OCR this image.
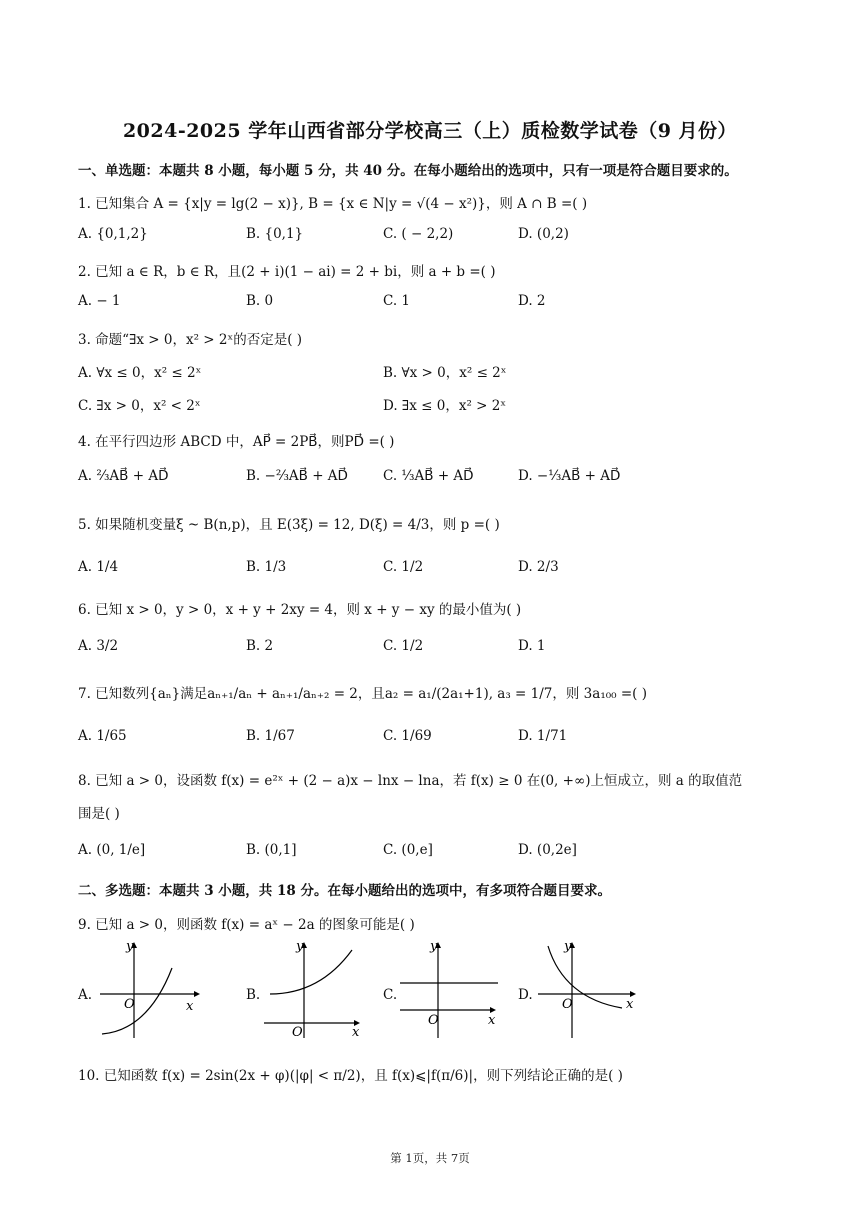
2024-2025 学年山西省部分学校高三（上）质检数学试卷（9 月份）
一、单选题：本题共 8 小题，每小题 5 分，共 40 分。在每小题给出的选项中，只有一项是符合题目要求的。
1. 已知集合 A = {x|y = lg(2 − x)}, B = {x ∈ N|y = √(4 − x²)}，则 A ∩ B =( )
A. {0,1,2}	B. {0,1}	C. ( − 2,2)	D. (0,2)
2. 已知 a ∈ R，b ∈ R，且(2 + i)(1 − ai) = 2 + bi，则 a + b =( )
A. − 1	B. 0	C. 1	D. 2
3. 命题“∃x > 0，x² > 2ˣ的否定是( )
A. ∀x ≤ 0，x² ≤ 2ˣ	B. ∀x > 0，x² ≤ 2ˣ
C. ∃x > 0，x² < 2ˣ	D. ∃x ≤ 0，x² > 2ˣ
4. 在平行四边形 ABCD 中，AP⃗ = 2PB⃗，则PD⃗ =( )
A. ⅔AB⃗ + AD⃗	B. −⅔AB⃗ + AD⃗	C. ⅓AB⃗ + AD⃗	D. −⅓AB⃗ + AD⃗
5. 如果随机变量ξ ~ B(n,p)，且 E(3ξ) = 12, D(ξ) = 4/3，则 p =( )
A. 1/4	B. 1/3	C. 1/2	D. 2/3
6. 已知 x > 0，y > 0，x + y + 2xy = 4，则 x + y − xy 的最小值为( )
A. 3/2	B. 2	C. 1/2	D. 1
7. 已知数列{aₙ}满足aₙ₊₁/aₙ + aₙ₊₁/aₙ₊₂ = 2，且a₂ = a₁/(2a₁+1), a₃ = 1/7，则 3a₁₀₀ =( )
A. 1/65	B. 1/67	C. 1/69	D. 1/71
8. 已知 a > 0，设函数 f(x) = e²ˣ + (2 − a)x − lnx − lna，若 f(x) ≥ 0 在(0, +∞)上恒成立，则 a 的取值范
围是( )
A. (0, 1/e]	B. (0,1]	C. (0,e]	D. (0,2e]
二、多选题：本题共 3 小题，共 18 分。在每小题给出的选项中，有多项符合题目要求。
9. 已知 a > 0，则函数 f(x) = aˣ − 2a 的图象可能是( )
A.	B.	C.	D.
y
x
O
y
x
O
y
x
O
y
x
O
10. 已知函数 f(x) = 2sin(2x + φ)(|φ| < π/2)，且 f(x)⩽|f(π/6)|，则下列结论正确的是( )
第 1页，共 7页
